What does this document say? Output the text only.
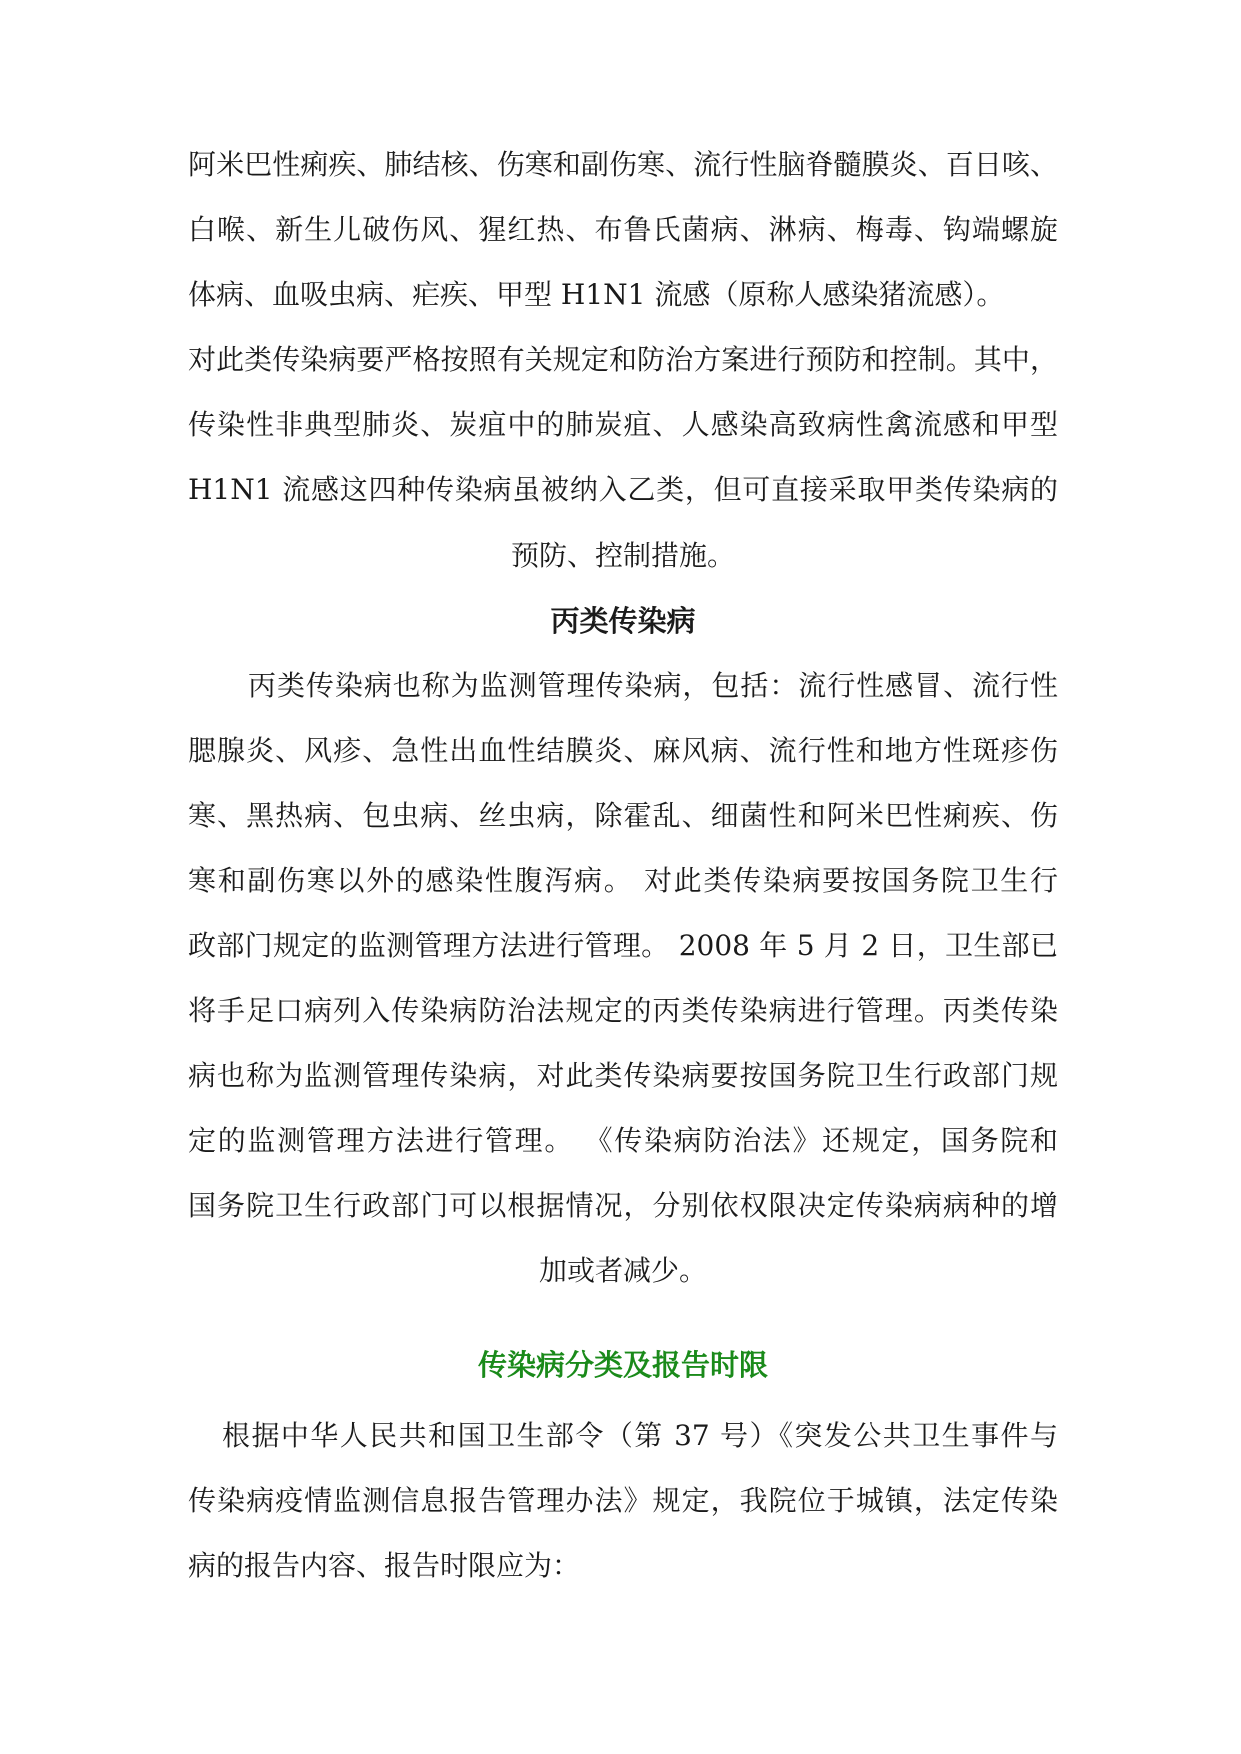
阿米巴性痢疾、肺结核、伤寒和副伤寒、流行性脑脊髓膜炎、百日咳、
白喉、新生儿破伤风、猩红热、布鲁氏菌病、淋病、梅毒、钩端螺旋
体病、血吸虫病、疟疾、甲型 H1N1 流感（原称人感染猪流感）。
对此类传染病要严格按照有关规定和防治方案进行预防和控制。其中，
传染性非典型肺炎、炭疽中的肺炭疽、人感染高致病性禽流感和甲型
H1N1 流感这四种传染病虽被纳入乙类，但可直接采取甲类传染病的
预防、控制措施。
丙类传染病
丙类传染病也称为监测管理传染病，包括：流行性感冒、流行性
腮腺炎、风疹、急性出血性结膜炎、麻风病、流行性和地方性斑疹伤
寒、黑热病、包虫病、丝虫病，除霍乱、细菌性和阿米巴性痢疾、伤
寒和副伤寒以外的感染性腹泻病。 对此类传染病要按国务院卫生行
政部门规定的监测管理方法进行管理。 2008 年 5 月 2 日，卫生部已
将手足口病列入传染病防治法规定的丙类传染病进行管理。丙类传染
病也称为监测管理传染病，对此类传染病要按国务院卫生行政部门规
定的监测管理方法进行管理。 《传染病防治法》还规定，国务院和
国务院卫生行政部门可以根据情况，分别依权限决定传染病病种的增
加或者减少。
传染病分类及报告时限
根据中华人民共和国卫生部令（第 37 号）《突发公共卫生事件与
传染病疫情监测信息报告管理办法》规定，我院位于城镇，法定传染
病的报告内容、报告时限应为：
